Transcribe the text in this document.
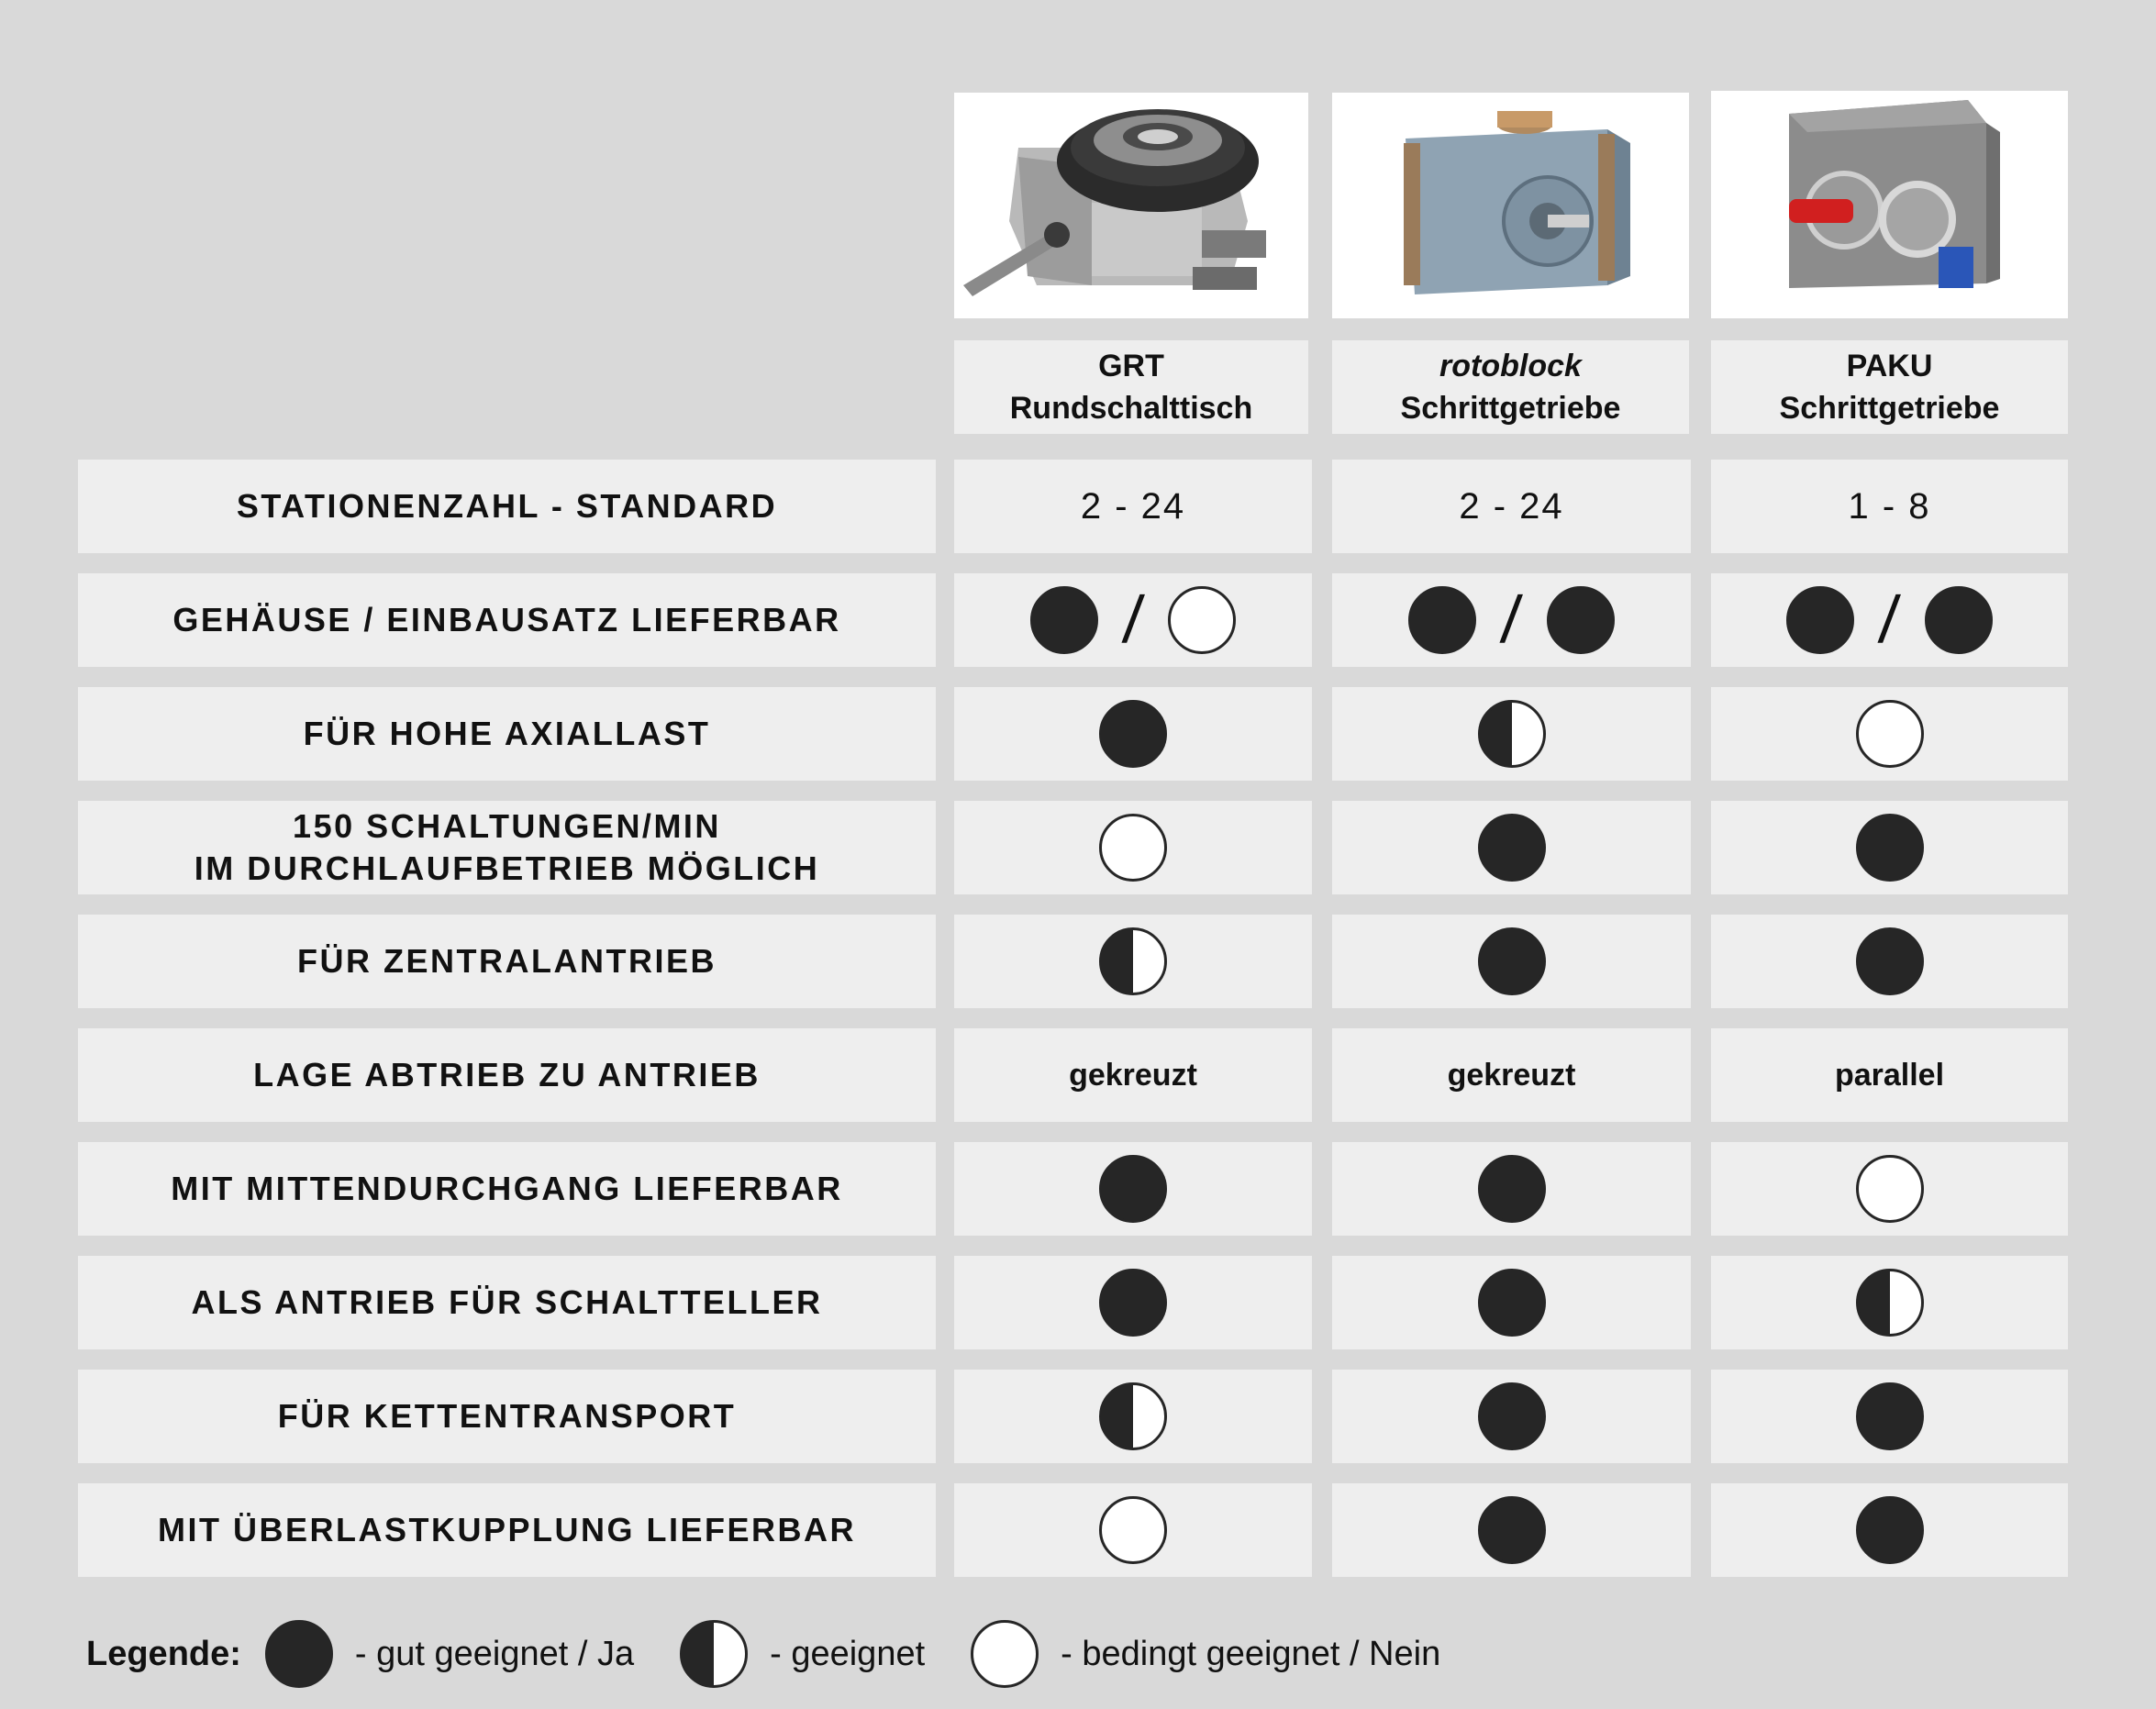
GRT
Rundschalttisch
rotoblock
Schrittgetriebe
PAKU
Schrittgetriebe
STATIONENZAHL - STANDARD	2 - 24	2 - 24	1 - 8
GEHÄUSE / EINBAUSATZ LIEFERBAR	/	/	/
FÜR HOHE AXIALLAST
150 SCHALTUNGEN/MIN
IM DURCHLAUFBETRIEB MÖGLICH
FÜR ZENTRALANTRIEB
LAGE ABTRIEB ZU ANTRIEB	gekreuzt	gekreuzt	parallel
MIT MITTENDURCHGANG LIEFERBAR
ALS ANTRIEB FÜR SCHALTTELLER
FÜR KETTENTRANSPORT
MIT ÜBERLASTKUPPLUNG LIEFERBAR
Legende:	- gut geeignet / Ja	- geeignet	- bedingt geeignet / Nein
